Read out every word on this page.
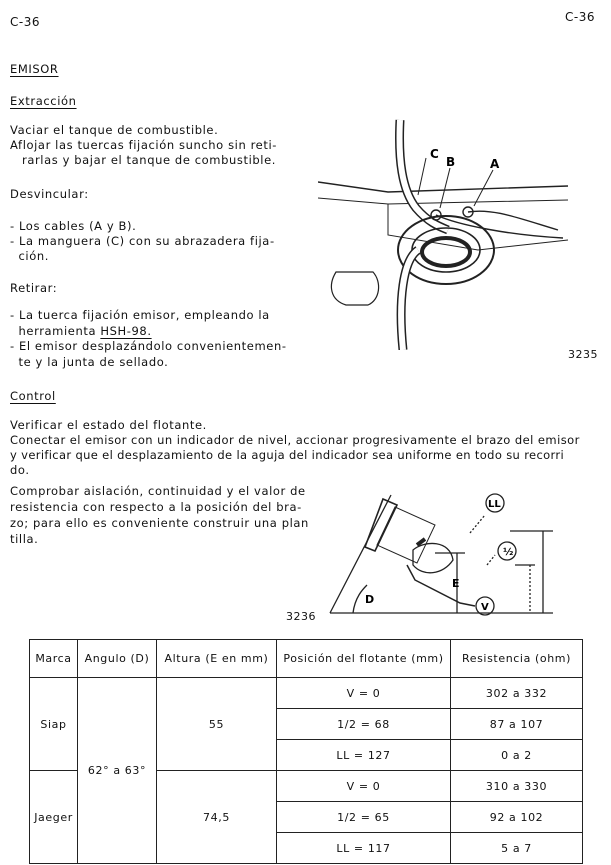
C-36	C-36
EMISOR
Extracción
Vaciar el tanque de combustible.
Aflojar las tuercas fijación suncho sin reti-
rarlas y bajar el tanque de combustible.
Desvincular:
- Los cables (A y B).
- La manguera (C) con su abrazadera fija-
ción.
Retirar:
- La tuerca fijación emisor, empleando la
herramienta HSH-98.
- El emisor desplazándolo convenientemen-
te y la junta de sellado.
C
B	A
3235
Control
Verificar el estado del flotante.
Conectar el emisor con un indicador de nivel, accionar progresivamente el brazo del emisor
y verificar que el desplazamiento de la aguja del indicador sea uniforme en todo su recorri
do.
Comprobar aislación, continuidad y el valor de
resistencia con respecto a la posición del bra-
zo; para ello es conveniente construir una plan
tilla.
LL
½
V
E
D
3236
Marca	Angulo (D)	Altura (E en mm)	Posición del flotante (mm)	Resistencia (ohm)
Siap	62° a 63°	55	V = 0	302 a 332
			1/2 = 68	87 a 107
			LL = 127	0 a 2
Jaeger		74,5	V = 0	310 a 330
			1/2 = 65	92 a 102
			LL = 117	5 a 7
